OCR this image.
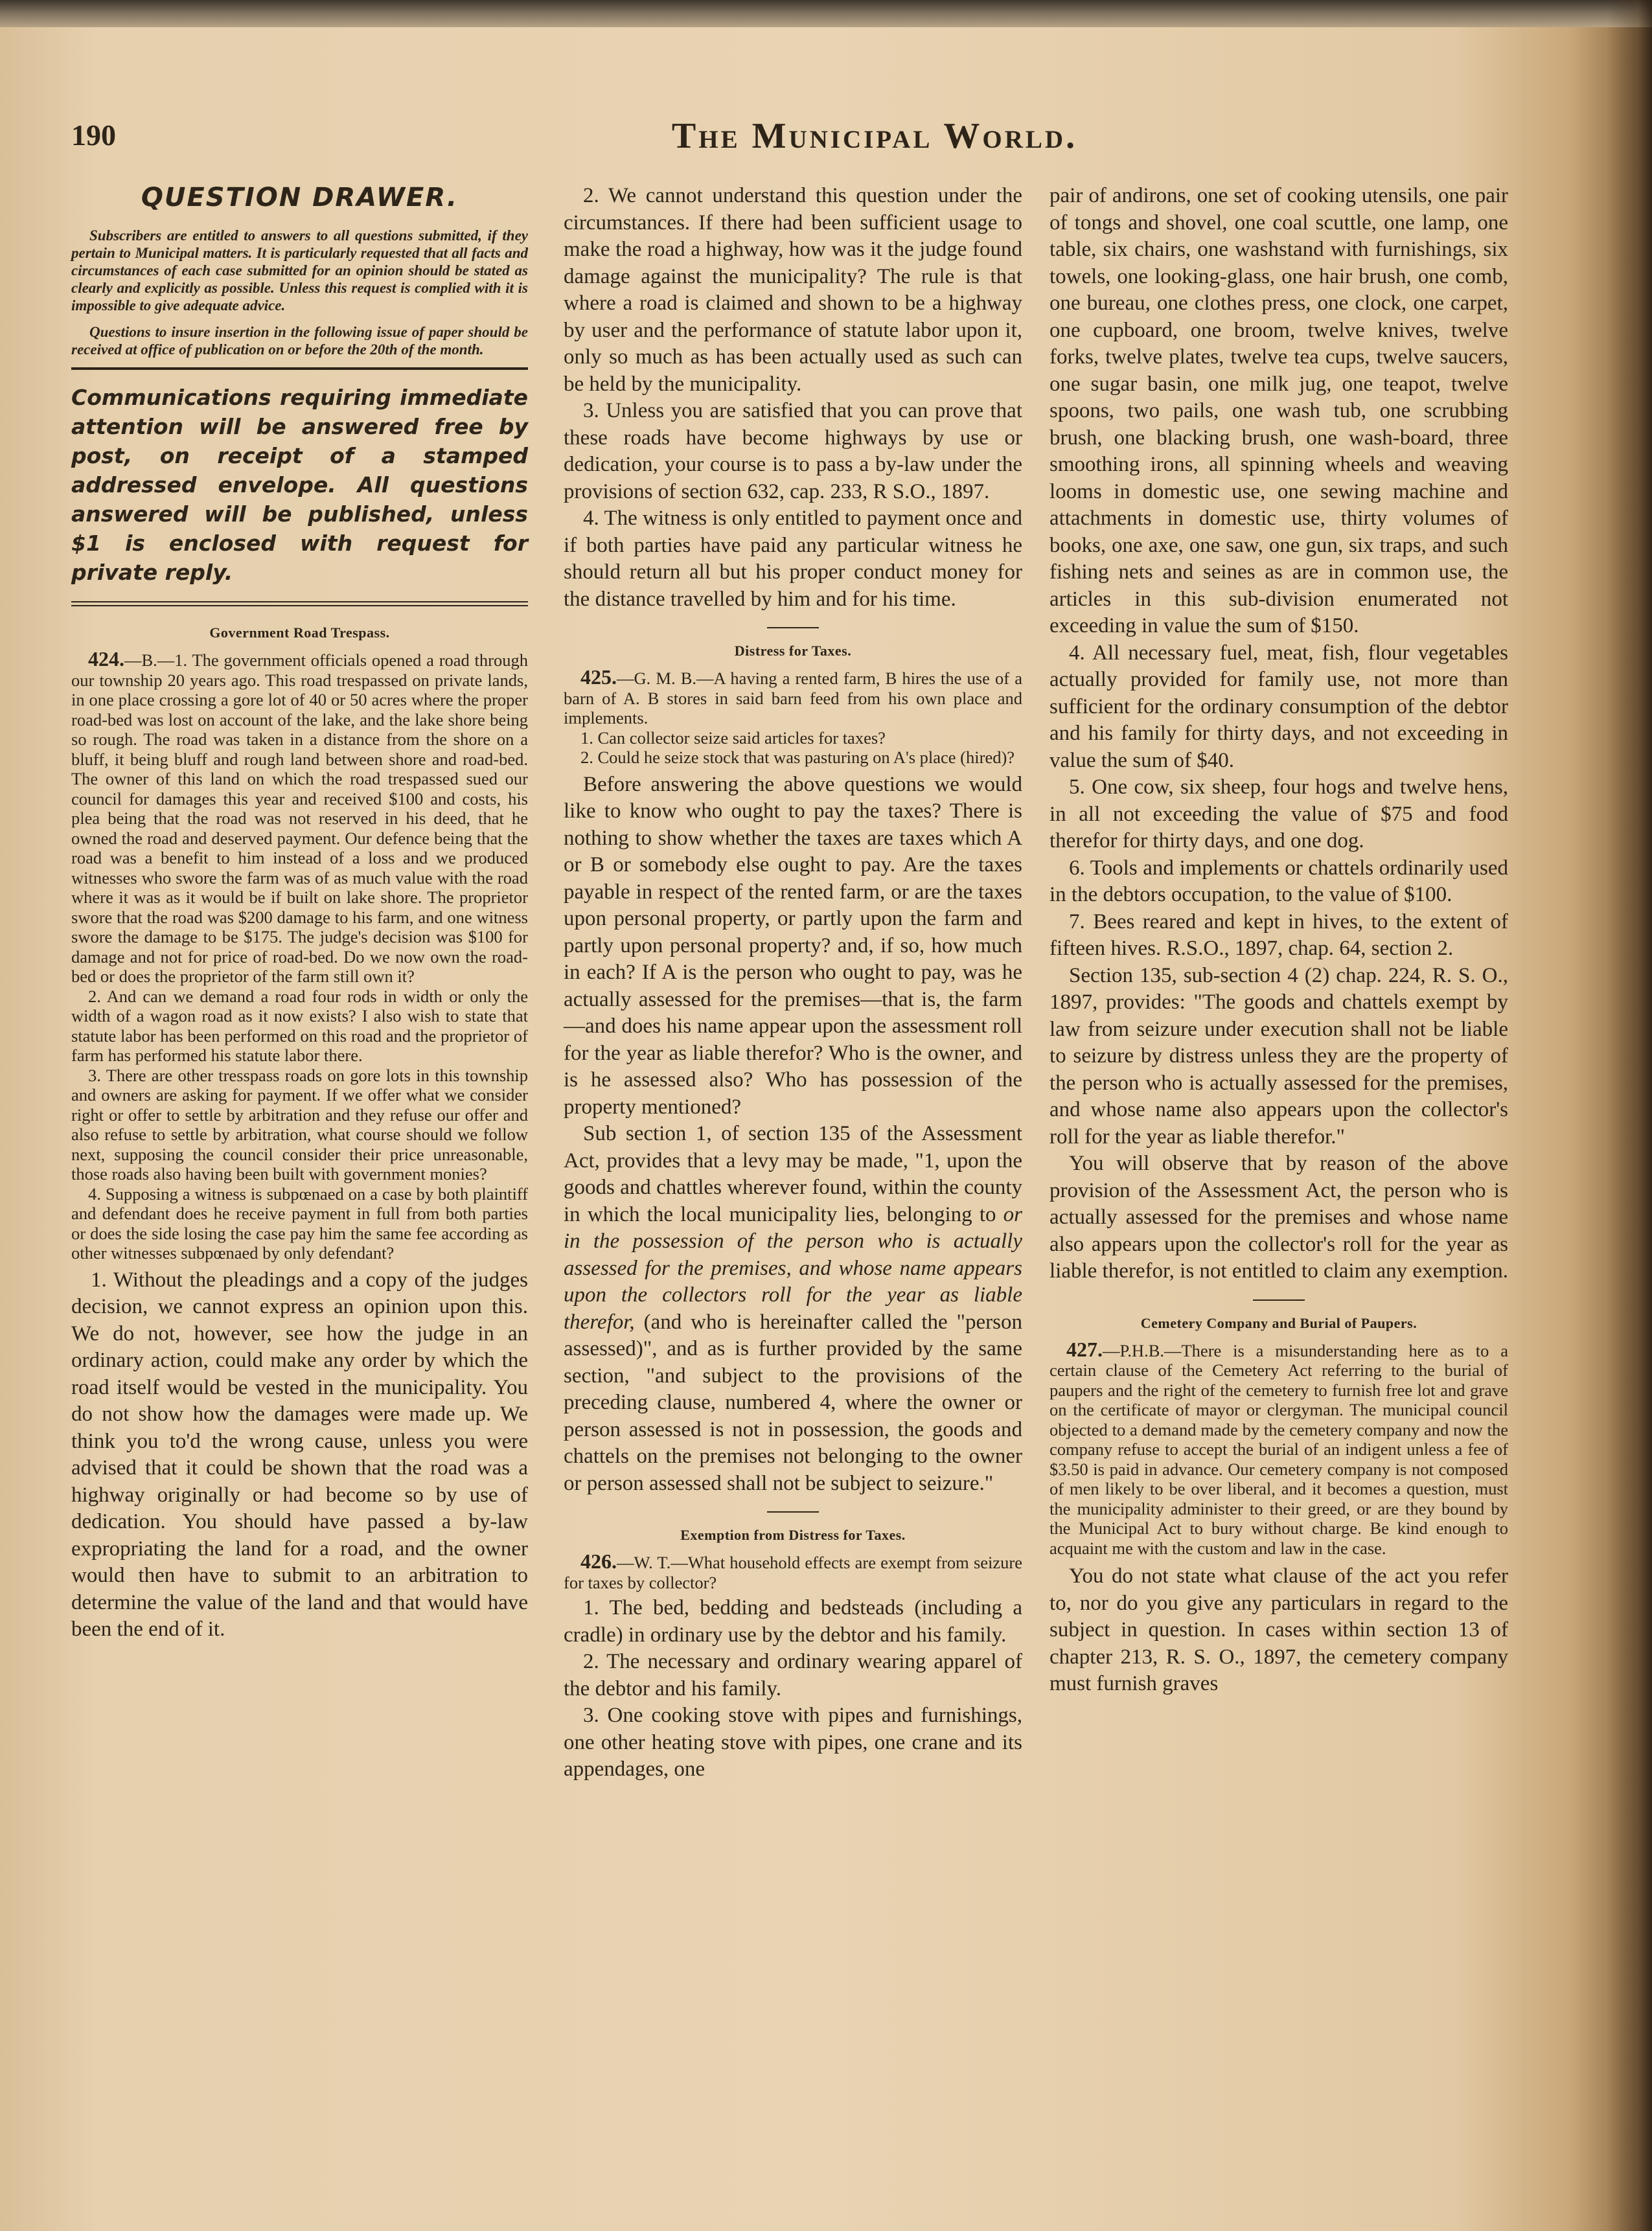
190	The Municipal World.
QUESTION DRAWER.

Subscribers are entitled to answers to all questions submitted, if they pertain to Municipal matters. It is particularly requested that all facts and circumstances of each case submitted for an opinion should be stated as clearly and explicitly as possible. Unless this request is complied with it is impossible to give adequate advice.

Questions to insure insertion in the following issue of paper should be received at office of publication on or before the 20th of the month.

Communications requiring immediate attention will be answered free by post, on receipt of a stamped addressed envelope. All questions answered will be published, unless $1 is enclosed with request for private reply.

Government Road Trespass.

424.—B.—1. The government officials opened a road through our township 20 years ago. This road trespassed on private lands, in one place crossing a gore lot of 40 or 50 acres where the proper road-bed was lost on account of the lake, and the lake shore being so rough. The road was taken in a distance from the shore on a bluff, it being bluff and rough land between shore and road-bed. The owner of this land on which the road trespassed sued our council for damages this year and received $100 and costs, his plea being that the road was not reserved in his deed, that he owned the road and deserved payment. Our defence being that the road was a benefit to him instead of a loss and we produced witnesses who swore the farm was of as much value with the road where it was as it would be if built on lake shore. The proprietor swore that the road was $200 damage to his farm, and one witness swore the damage to be $175. The judge's decision was $100 for damage and not for price of road-bed. Do we now own the road-bed or does the proprietor of the farm still own it?

2. And can we demand a road four rods in width or only the width of a wagon road as it now exists? I also wish to state that statute labor has been performed on this road and the proprietor of farm has performed his statute labor there.

3. There are other tresspass roads on gore lots in this township and owners are asking for payment. If we offer what we consider right or offer to settle by arbitration and they refuse our offer and also refuse to settle by arbitration, what course should we follow next, supposing the council consider their price unreasonable, those roads also having been built with government monies?

4. Supposing a witness is subpœnaed on a case by both plaintiff and defendant does he receive payment in full from both parties or does the side losing the case pay him the same fee according as other witnesses subpœnaed by only defendant?

1. Without the pleadings and a copy of the judges decision, we cannot express an opinion upon this. We do not, however, see how the judge in an ordinary action, could make any order by which the road itself would be vested in the municipality. You do not show how the damages were made up. We think you to'd the wrong cause, unless you were advised that it could be shown that the road was a highway originally or had become so by use of dedication. You should have passed a by-law expropriating the land for a road, and the owner would then have to submit to an arbitration to determine the value of the land and that would have been the end of it.

2. We cannot understand this question under the circumstances. If there had been sufficient usage to make the road a highway, how was it the judge found damage against the municipality? The rule is that where a road is claimed and shown to be a highway by user and the performance of statute labor upon it, only so much as has been actually used as such can be held by the municipality.

3. Unless you are satisfied that you can prove that these roads have become highways by use or dedication, your course is to pass a by-law under the provisions of section 632, cap. 233, R S.O., 1897.

4. The witness is only entitled to payment once and if both parties have paid any particular witness he should return all but his proper conduct money for the distance travelled by him and for his time.

Distress for Taxes.

425.—G. M. B.—A having a rented farm, B hires the use of a barn of A. B stores in said barn feed from his own place and implements.

1. Can collector seize said articles for taxes?

2. Could he seize stock that was pasturing on A's place (hired)?

Before answering the above questions we would like to know who ought to pay the taxes? There is nothing to show whether the taxes are taxes which A or B or somebody else ought to pay. Are the taxes payable in respect of the rented farm, or are the taxes upon personal property, or partly upon the farm and partly upon personal property? and, if so, how much in each? If A is the person who ought to pay, was he actually assessed for the premises—that is, the farm—and does his name appear upon the assessment roll for the year as liable therefor? Who is the owner, and is he assessed also? Who has possession of the property mentioned?

Sub section 1, of section 135 of the Assessment Act, provides that a levy may be made, "1, upon the goods and chattles wherever found, within the county in which the local municipality lies, belonging to or in the possession of the person who is actually assessed for the premises, and whose name appears upon the collectors roll for the year as liable therefor, (and who is hereinafter called the "person assessed)", and as is further provided by the same section, "and subject to the provisions of the preceding clause, numbered 4, where the owner or person assessed is not in possession, the goods and chattels on the premises not belonging to the owner or person assessed shall not be subject to seizure."

Exemption from Distress for Taxes.

426.—W. T.—What household effects are exempt from seizure for taxes by collector?

1. The bed, bedding and bedsteads (including a cradle) in ordinary use by the debtor and his family.

2. The necessary and ordinary wearing apparel of the debtor and his family.

3. One cooking stove with pipes and furnishings, one other heating stove with pipes, one crane and its appendages, one

pair of andirons, one set of cooking utensils, one pair of tongs and shovel, one coal scuttle, one lamp, one table, six chairs, one washstand with furnishings, six towels, one looking-glass, one hair brush, one comb, one bureau, one clothes press, one clock, one carpet, one cupboard, one broom, twelve knives, twelve forks, twelve plates, twelve tea cups, twelve saucers, one sugar basin, one milk jug, one teapot, twelve spoons, two pails, one wash tub, one scrubbing brush, one blacking brush, one wash-board, three smoothing irons, all spinning wheels and weaving looms in domestic use, one sewing machine and attachments in domestic use, thirty volumes of books, one axe, one saw, one gun, six traps, and such fishing nets and seines as are in common use, the articles in this sub-division enumerated not exceeding in value the sum of $150.

4. All necessary fuel, meat, fish, flour vegetables actually provided for family use, not more than sufficient for the ordinary consumption of the debtor and his family for thirty days, and not exceeding in value the sum of $40.

5. One cow, six sheep, four hogs and twelve hens, in all not exceeding the value of $75 and food therefor for thirty days, and one dog.

6. Tools and implements or chattels ordinarily used in the debtors occupation, to the value of $100.

7. Bees reared and kept in hives, to the extent of fifteen hives. R.S.O., 1897, chap. 64, section 2.

Section 135, sub-section 4 (2) chap. 224, R. S. O., 1897, provides: "The goods and chattels exempt by law from seizure under execution shall not be liable to seizure by distress unless they are the property of the person who is actually assessed for the premises, and whose name also appears upon the collector's roll for the year as liable therefor."

You will observe that by reason of the above provision of the Assessment Act, the person who is actually assessed for the premises and whose name also appears upon the collector's roll for the year as liable therefor, is not entitled to claim any exemption.

Cemetery Company and Burial of Paupers.

427.—P.H.B.—There is a misunderstanding here as to a certain clause of the Cemetery Act referring to the burial of paupers and the right of the cemetery to furnish free lot and grave on the certificate of mayor or clergyman. The municipal council objected to a demand made by the cemetery company and now the company refuse to accept the burial of an indigent unless a fee of $3.50 is paid in advance. Our cemetery company is not composed of men likely to be over liberal, and it becomes a question, must the municipality administer to their greed, or are they bound by the Municipal Act to bury without charge. Be kind enough to acquaint me with the custom and law in the case.

You do not state what clause of the act you refer to, nor do you give any particulars in regard to the subject in question. In cases within section 13 of chapter 213, R. S. O., 1897, the cemetery company must furnish graves
